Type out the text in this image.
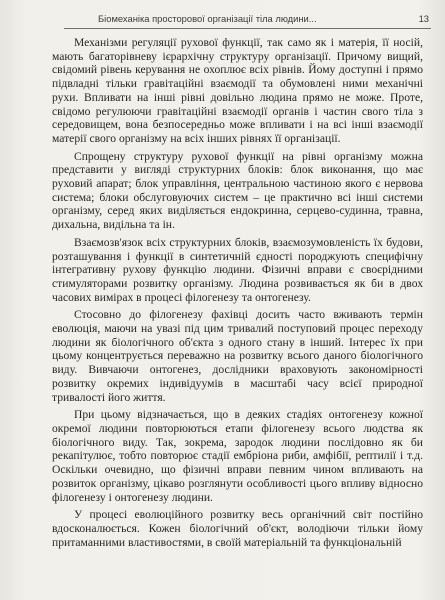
Біомеханіка просторової організації тіла людини...	13

Механізми регуляції рухової функції, так само як і матерія, її носій, мають багаторівневу ієрархічну структуру організації. Причому вищий, свідомий рівень керування не охоплює всіх рівнів. Йому доступні і прямо підвладні тільки гравітаційні взаємодії та обумовлені ними механічні рухи. Впливати на інші рівні довільно людина прямо не може. Проте, свідомо регулюючи гравітаційні взаємодії органів і частин свого тіла з середовищем, вона безпосередньо може впливати і на всі інші взаємодії матерії свого організму на всіх інших рівнях її організації.

Спрощену структуру рухової функції на рівні організму можна представити у вигляді структурних блоків: блок виконання, що має руховий апарат; блок управління, центральною частиною якого є нервова система; блоки обслуговуючих систем – це практично всі інші системи організму, серед яких виділяється ендокринна, серцево-судинна, травна, дихальна, видільна та ін.

Взаємозв'язок всіх структурних блоків, взаємозумовленість їх будови, розташування і функції в синтетичній єдності породжують специфічну інтегративну рухову функцію людини. Фізичні вправи є своєрідними стимуляторами розвитку організму. Людина розвивається як би в двох часових вимірах в процесі філогенезу та онтогенезу.

Стосовно до філогенезу фахівці досить часто вживають термін еволюція, маючи на увазі під цим тривалий поступовий процес переходу людини як біологічного об'єкта з одного стану в інший. Інтерес їх при цьому концентрується переважно на розвитку всього даного біологічного виду. Вивчаючи онтогенез, дослідники враховують закономірності розвитку окремих індивідуумів в масштабі часу всієї природної тривалості його життя.

При цьому відзначається, що в деяких стадіях онтогенезу кожної окремої людини повторюються етапи філогенезу всього людства як біологічного виду. Так, зокрема, зародок людини послідовно як би рекапітулює, тобто повторює стадії ембріона риби, амфібії, рептилії і т.д. Оскільки очевидно, що фізичні вправи певним чином впливають на розвиток організму, цікаво розглянути особливості цього впливу відносно філогенезу і онтогенезу людини.

У процесі еволюційного розвитку весь органічний світ постійно вдосконалюється. Кожен біологічний об'єкт, володіючи тільки йому притаманними властивостями, в своїй матеріальній та функціональній
